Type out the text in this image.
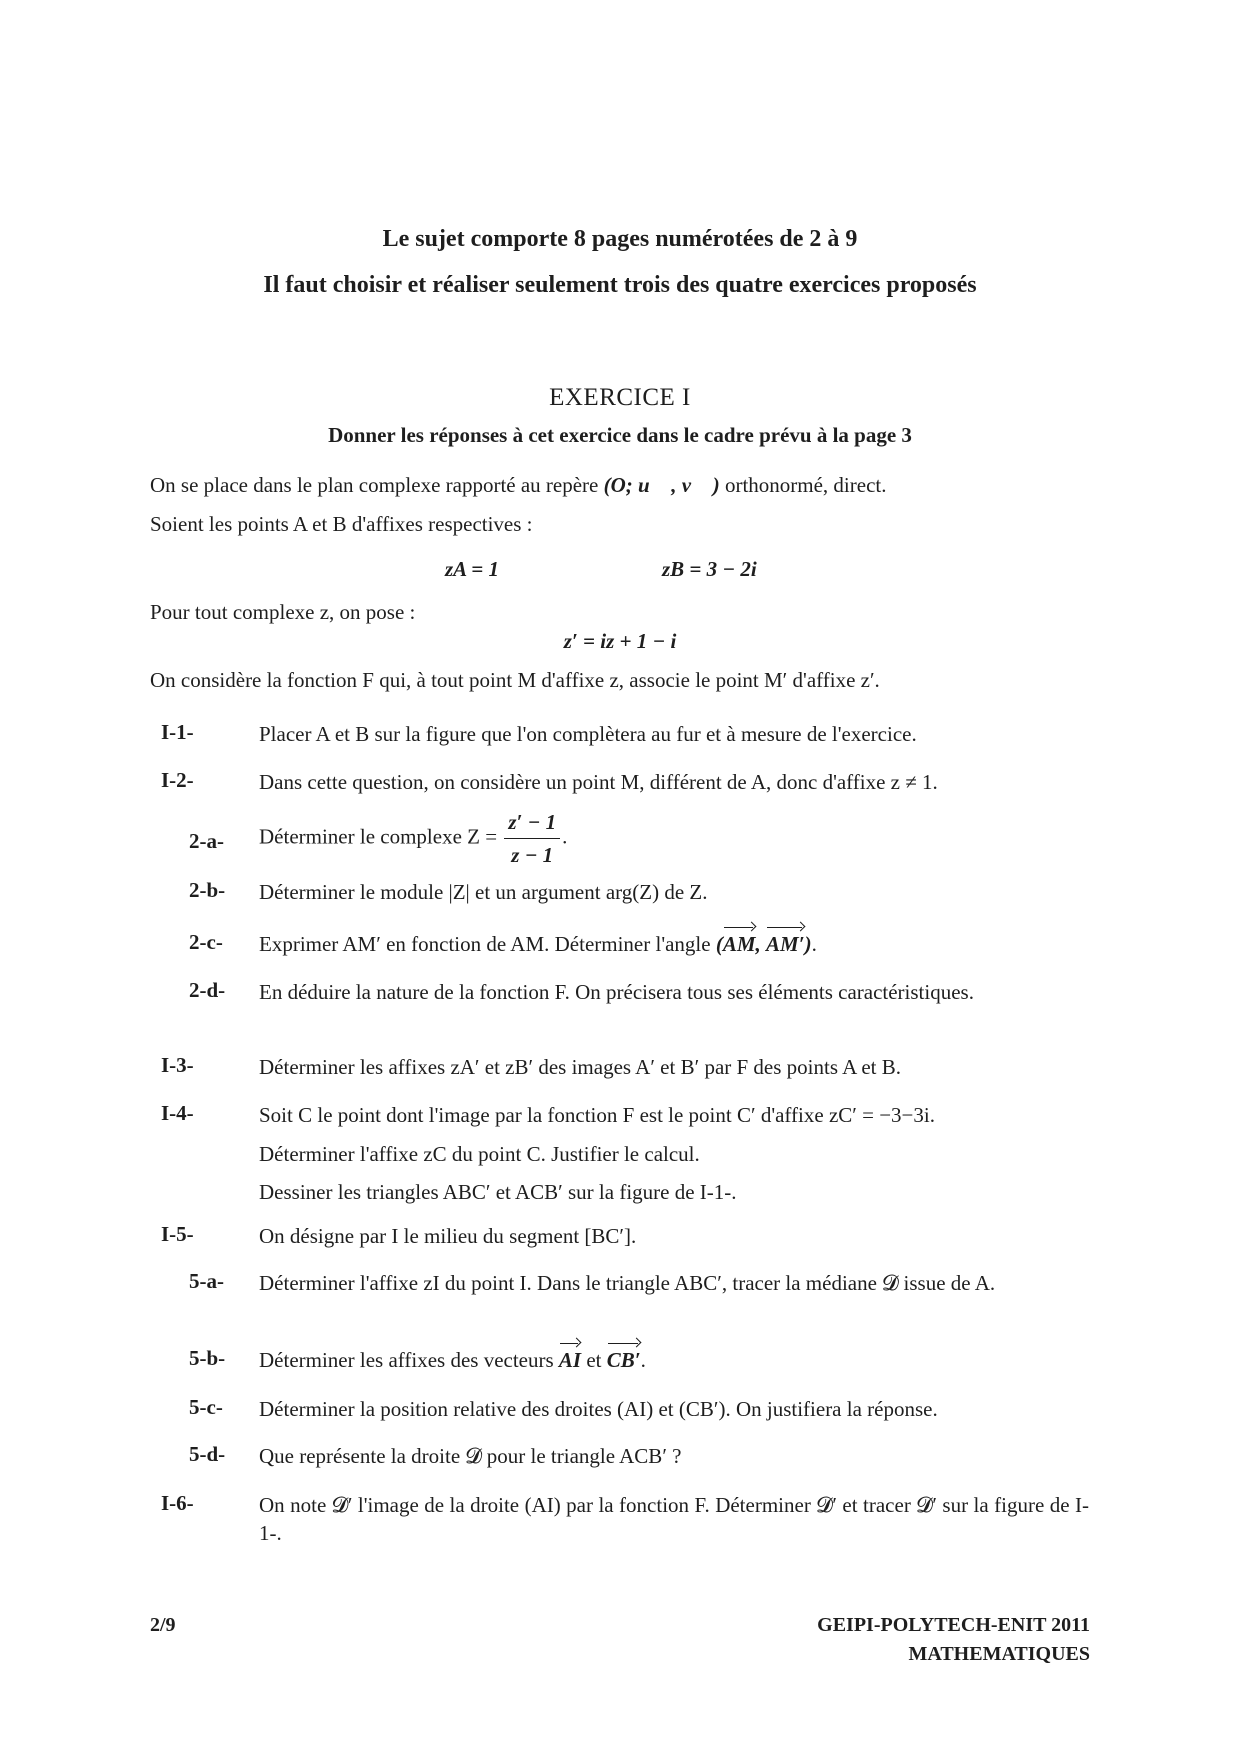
Le sujet comporte 8 pages numérotées de 2 à 9
Il faut choisir et réaliser seulement trois des quatre exercices proposés
EXERCICE I
Donner les réponses à cet exercice dans le cadre prévu à la page 3
On se place dans le plan complexe rapporté au repère (O; u⃗ , v⃗ ) orthonormé, direct.
Soient les points A et B d'affixes respectives :
zA = 1	zB = 3 − 2i
Pour tout complexe z, on pose :
z′ = iz + 1 − i
On considère la fonction F qui, à tout point M d'affixe z, associe le point M′ d'affixe z′.
I-1-	Placer A et B sur la figure que l'on complètera au fur et à mesure de l'exercice.
I-2-	Dans cette question, on considère un point M, différent de A, donc d'affixe z ≠ 1.
2-a- Déterminer le complexe $Z = \frac{z' - 1}{z - 1}$ .
2-b- Déterminer le module |Z| et un argument arg(Z) de Z.
2-c- Exprimer AM′ en fonction de AM. Déterminer l'angle (AM, AM′).
2-d- En déduire la nature de la fonction F. On précisera tous ses éléments caractéristiques.
I-3-	Déterminer les affixes zA′ et zB′ des images A′ et B′ par F des points A et B.
I-4-	Soit C le point dont l'image par la fonction F est le point C′ d'affixe zC′ = −3−3i.
Déterminer l'affixe zC du point C. Justifier le calcul.
Dessiner les triangles ABC′ et ACB′ sur la figure de I-1-.
I-5-	On désigne par I le milieu du segment [BC′].
5-a- Déterminer l'affixe zI du point I. Dans le triangle ABC′, tracer la médiane 𝓓 issue de A.
5-b- Déterminer les affixes des vecteurs AI et CB′.
5-c- Déterminer la position relative des droites (AI) et (CB′). On justifiera la réponse.
5-d- Que représente la droite 𝓓 pour le triangle ACB′ ?
I-6-	On note 𝓓′ l'image de la droite (AI) par la fonction F. Déterminer 𝓓′ et tracer 𝓓′ sur la figure de I-1-.
2/9	GEIPI-POLYTECH-ENIT 2011
MATHEMATIQUES
